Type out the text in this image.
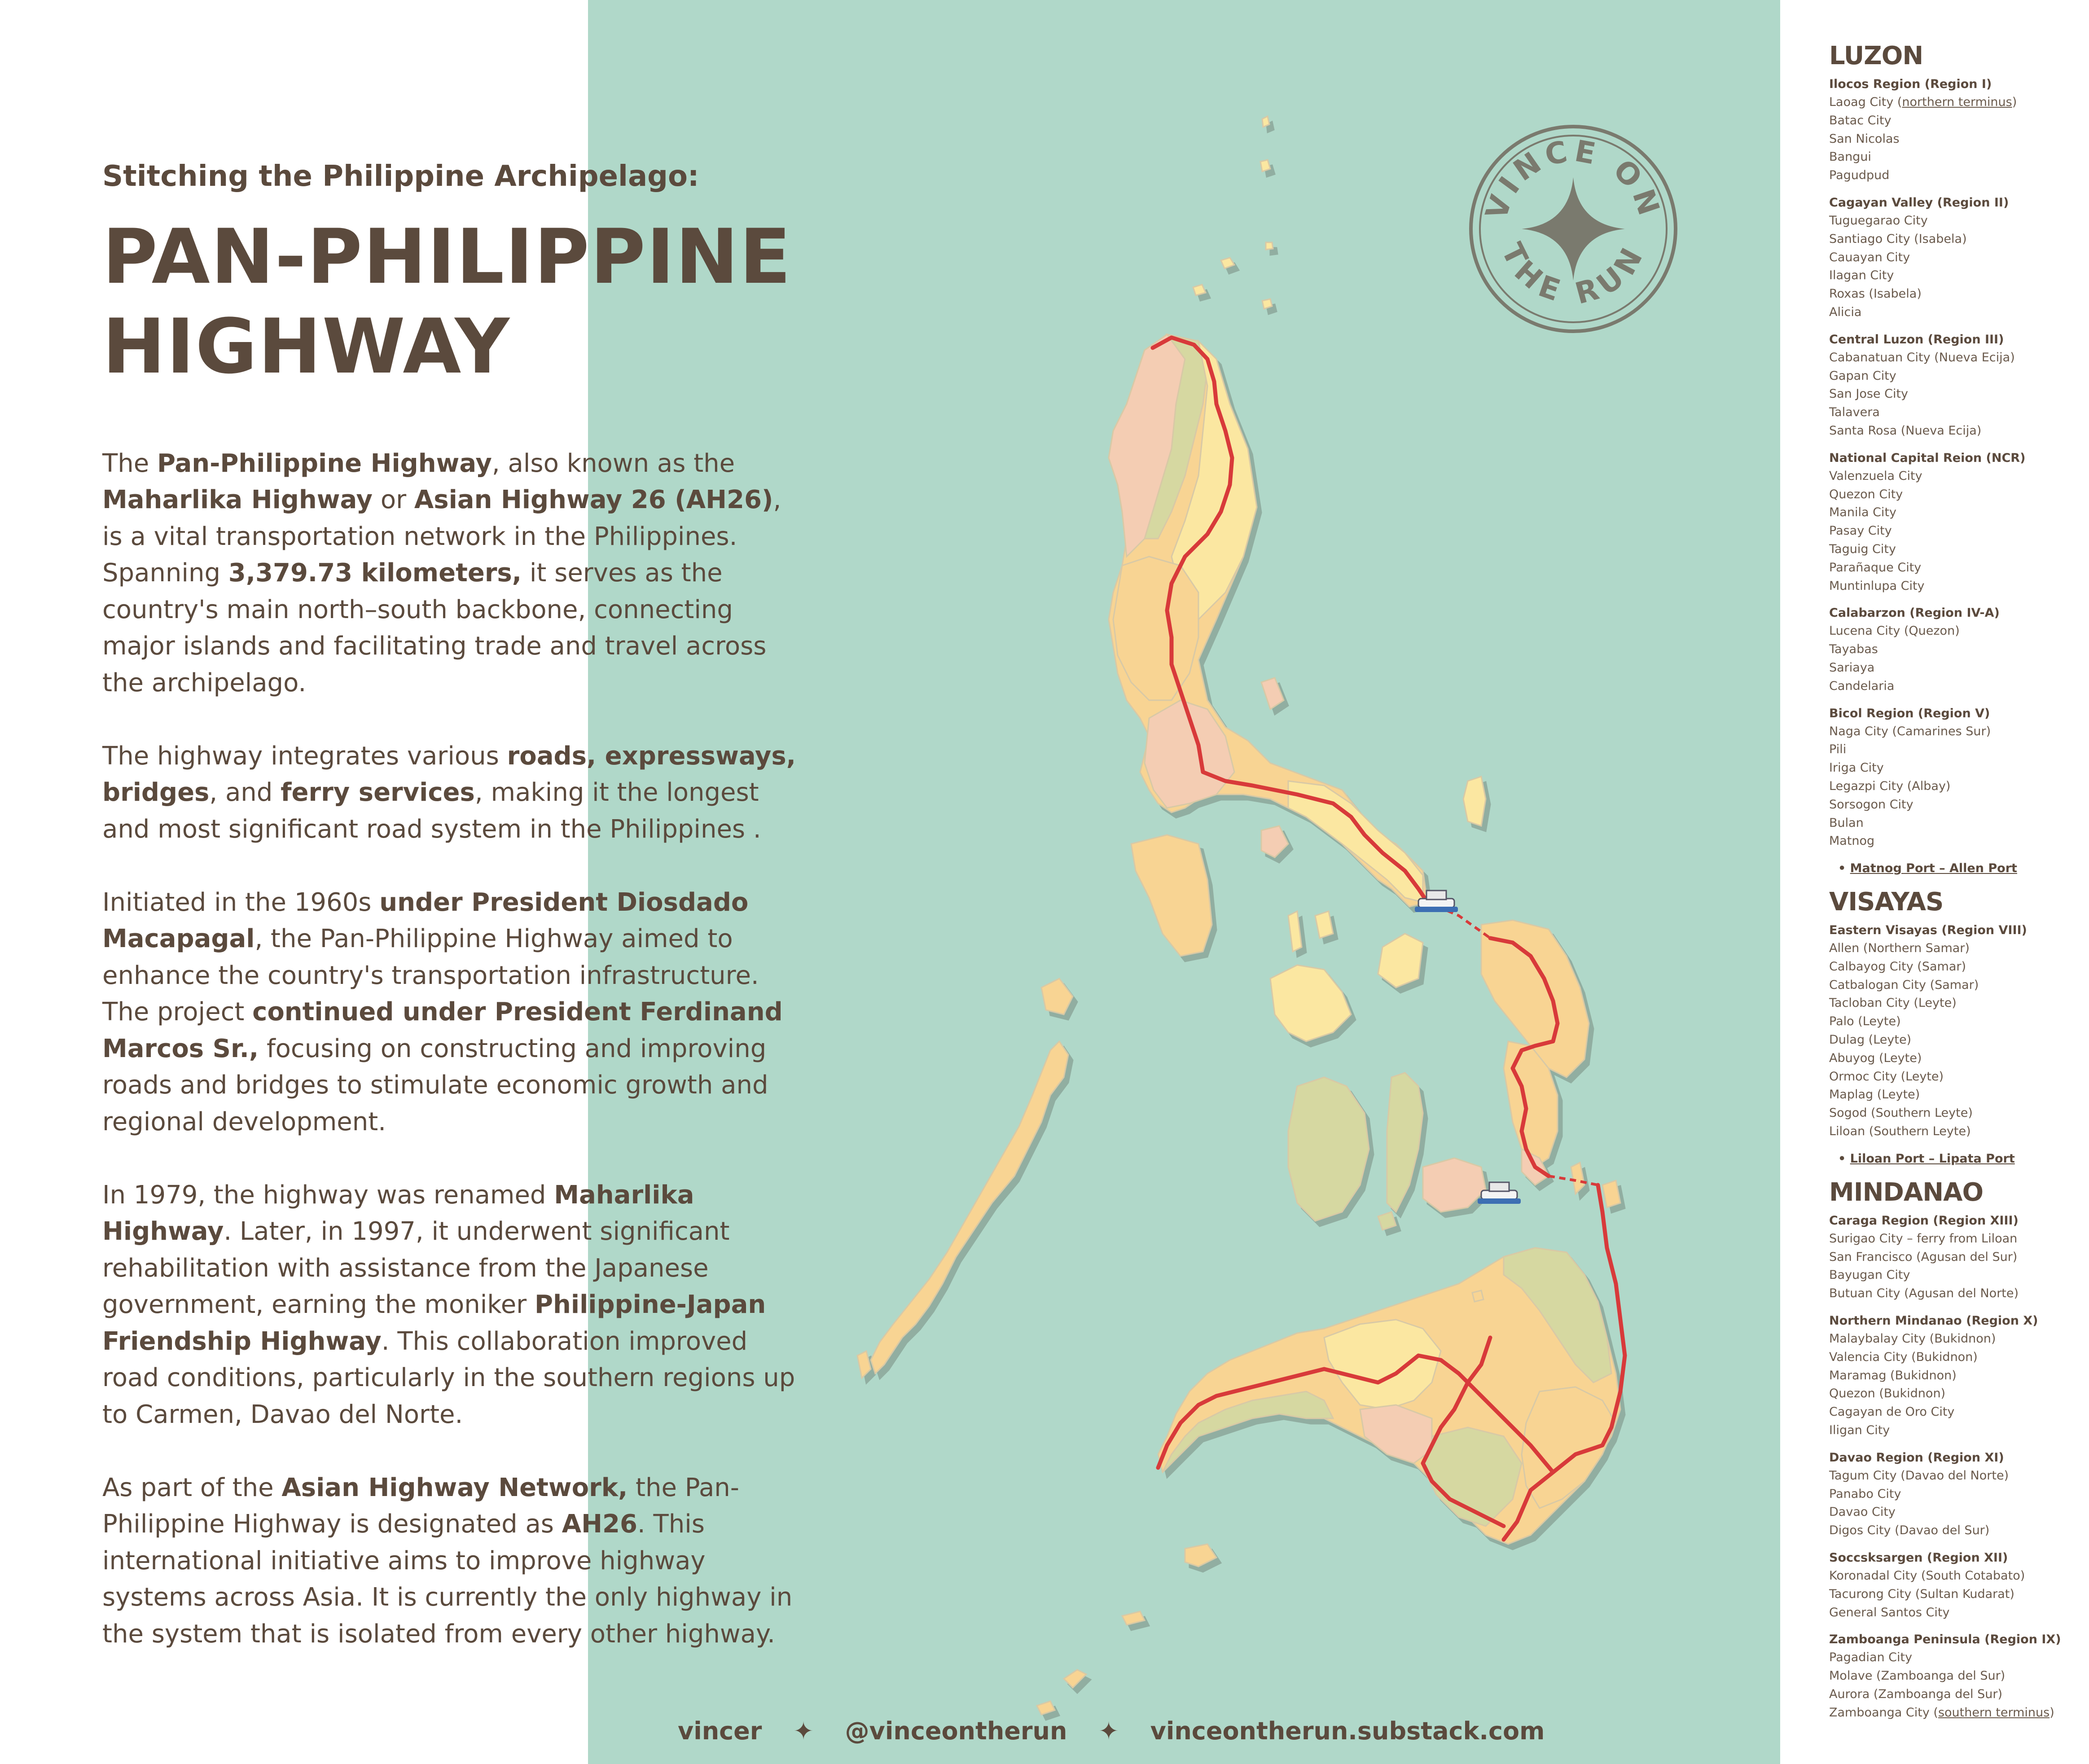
Stitching the Philippine Archipelago:
PAN-PHILIPPINE
HIGHWAY

The Pan-Philippine Highway, also known as the Maharlika Highway or Asian Highway 26 (AH26), is a vital transportation network in the Philippines. Spanning 3,379.73 kilometers, it serves as the country's main north–south backbone, connecting major islands and facilitating trade and travel across the archipelago.

The highway integrates various roads, expressways, bridges, and ferry services, making it the longest and most significant road system in the Philippines .

Initiated in the 1960s under President Diosdado Macapagal, the Pan-Philippine Highway aimed to enhance the country's transportation infrastructure. The project continued under President Ferdinand Marcos Sr., focusing on constructing and improving roads and bridges to stimulate economic growth and regional development.

In 1979, the highway was renamed Maharlika Highway. Later, in 1997, it underwent significant rehabilitation with assistance from the Japanese government, earning the moniker Philippine-Japan Friendship Highway. This collaboration improved road conditions, particularly in the southern regions up to Carmen, Davao del Norte.

As part of the Asian Highway Network, the Pan-Philippine Highway is designated as AH26. This international initiative aims to improve highway systems across Asia. It is currently the only highway in the system that is isolated from every other highway.

VINCE ON
THE RUN
LUZON
Ilocos Region (Region I)
Laoag City (northern terminus)
Batac City
San Nicolas
Bangui
Pagudpud
Cagayan Valley (Region II)
Tuguegarao City
Santiago City (Isabela)
Cauayan City
Ilagan City
Roxas (Isabela)
Alicia
Central Luzon (Region III)
Cabanatuan City (Nueva Ecija)
Gapan City
San Jose City
Talavera
Santa Rosa (Nueva Ecija)
National Capital Reion (NCR)
Valenzuela City
Quezon City
Manila City
Pasay City
Taguig City
Parañaque City
Muntinlupa City
Calabarzon (Region IV-A)
Lucena City (Quezon)
Tayabas
Sariaya
Candelaria
Bicol Region (Region V)
Naga City (Camarines Sur)
Pili
Iriga City
Legazpi City (Albay)
Sorsogon City
Bulan
Matnog
• Matnog Port – Allen Port
VISAYAS
Eastern Visayas (Region VIII)
Allen (Northern Samar)
Calbayog City (Samar)
Catbalogan City (Samar)
Tacloban City (Leyte)
Palo (Leyte)
Dulag (Leyte)
Abuyog (Leyte)
Ormoc City (Leyte)
Maplag (Leyte)
Sogod (Southern Leyte)
Liloan (Southern Leyte)
• Liloan Port – Lipata Port
MINDANAO
Caraga Region (Region XIII)
Surigao City – ferry from Liloan
San Francisco (Agusan del Sur)
Bayugan City
Butuan City (Agusan del Norte)
Northern Mindanao (Region X)
Malaybalay City (Bukidnon)
Valencia City (Bukidnon)
Maramag (Bukidnon)
Quezon (Bukidnon)
Cagayan de Oro City
Iligan City
Davao Region (Region XI)
Tagum City (Davao del Norte)
Panabo City
Davao City
Digos City (Davao del Sur)
Soccsksargen (Region XII)
Koronadal City (South Cotabato)
Tacurong City (Sultan Kudarat)
General Santos City
Zamboanga Peninsula (Region IX)
Pagadian City
Molave (Zamboanga del Sur)
Aurora (Zamboanga del Sur)
Zamboanga City (southern terminus)
vincer ✦ @vinceontherun ✦ vinceontherun.substack.com
